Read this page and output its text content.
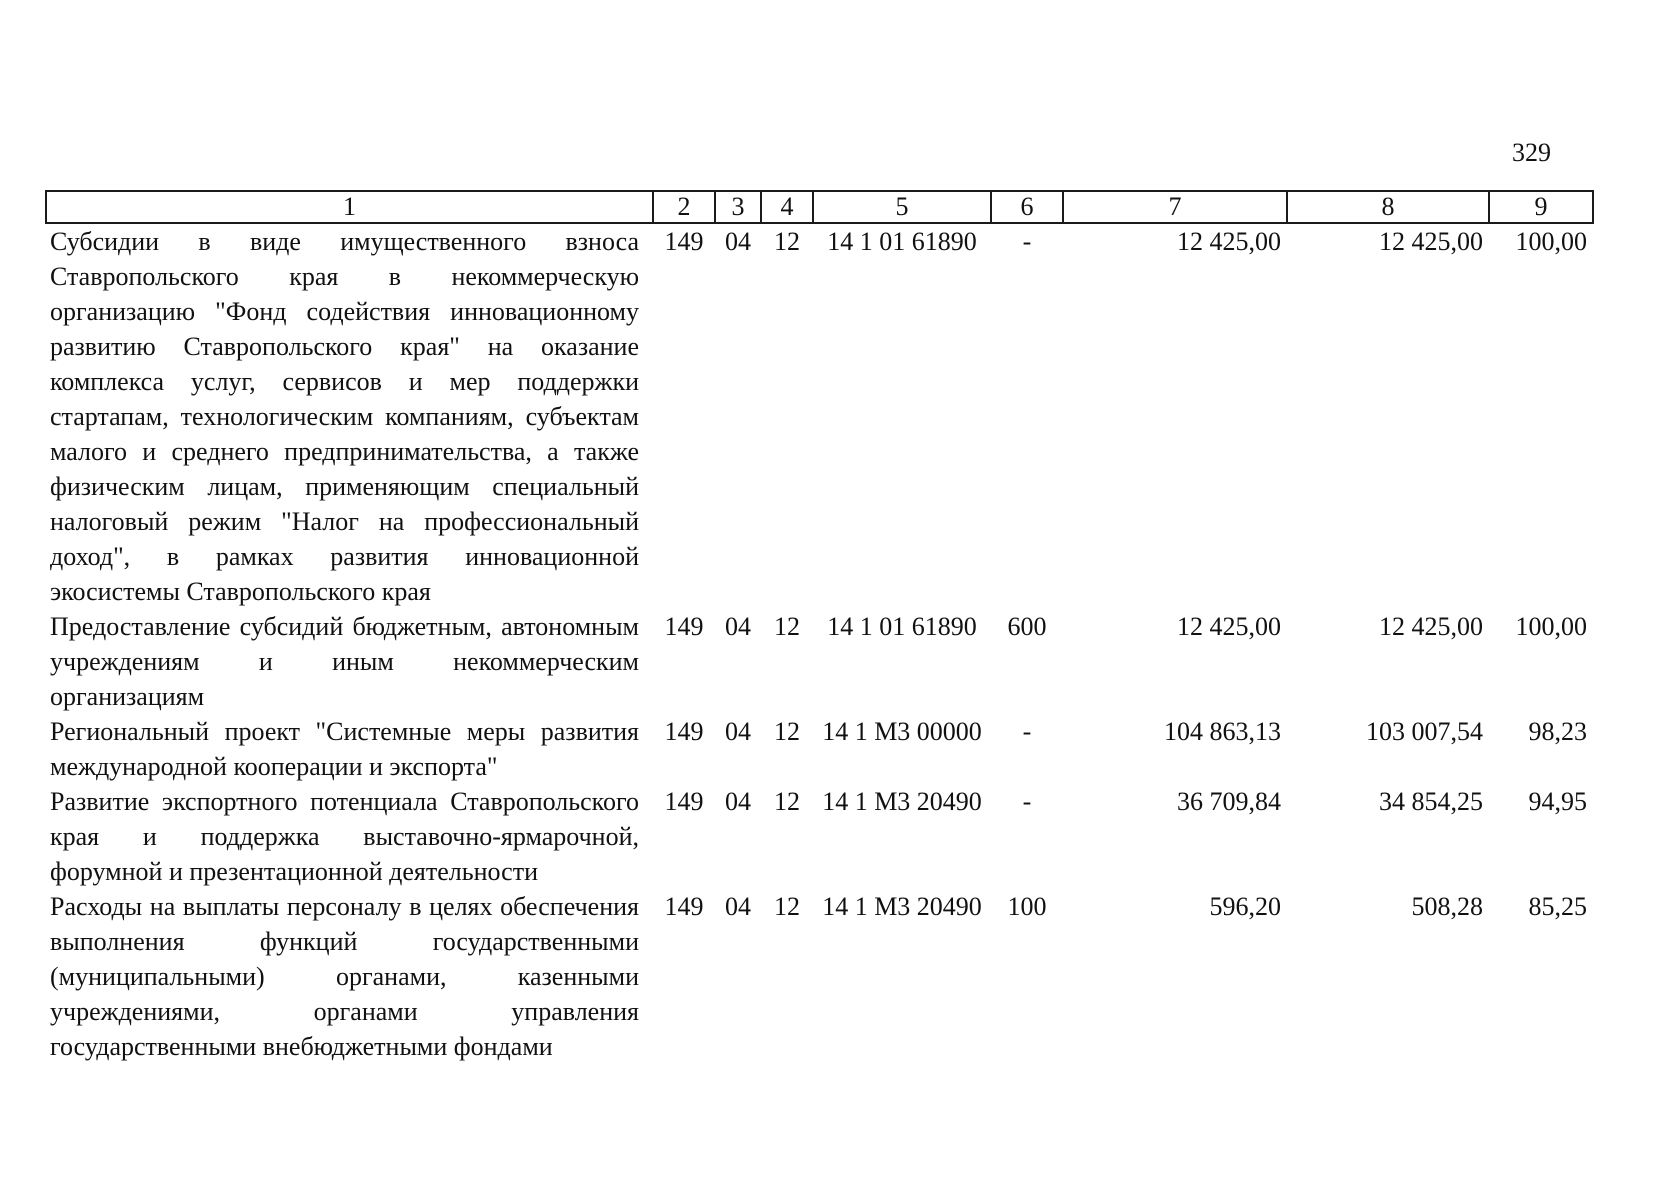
329
1	2	3	4	5	6	7	8	9
Субсидии в виде имущественного взноса Ставропольского края в некоммерческую организацию "Фонд содействия инновационному развитию Ставропольского края" на оказание комплекса услуг, сервисов и мер поддержки стартапам, технологическим компаниям, субъектам малого и среднего предпринимательства, а также физическим лицам, применяющим специальный налоговый режим "Налог на профессиональный доход", в рамках развития инновационной экосистемы Ставропольского края	149	04	12	14 1 01 61890	-	12 425,00	12 425,00	100,00
Предоставление субсидий бюджетным, автономным учреждениям и иным некоммерческим организациям	149	04	12	14 1 01 61890	600	12 425,00	12 425,00	100,00
Региональный проект "Системные меры развития международной кооперации и экспорта"	149	04	12	14 1 M3 00000	-	104 863,13	103 007,54	98,23
Развитие экспортного потенциала Ставропольского края и поддержка выставочно-ярмарочной, форумной и презентационной деятельности	149	04	12	14 1 M3 20490	-	36 709,84	34 854,25	94,95
Расходы на выплаты персоналу в целях обеспечения выполнения функций государственными (муниципальными) органами, казенными учреждениями, органами управления государственными внебюджетными фондами	149	04	12	14 1 M3 20490	100	596,20	508,28	85,25
